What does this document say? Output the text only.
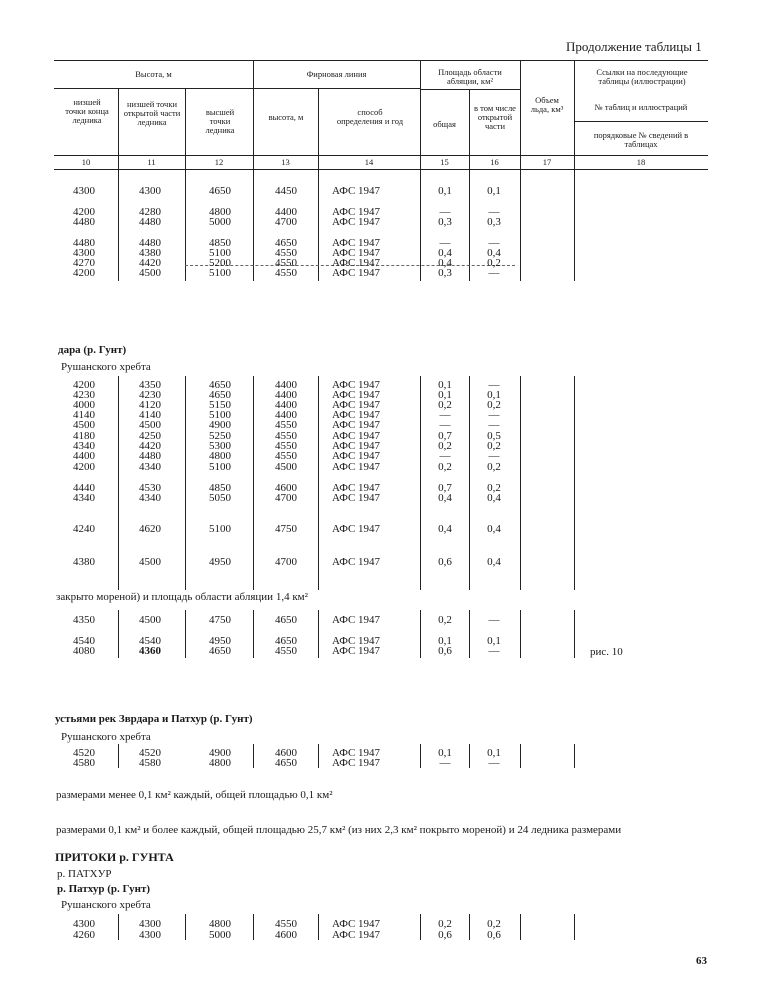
Продолжение таблицы 1
Высота, м	Фирновая линия	Площадь области абляции, км²
Объем льда, км³
Ссылки на последующие таблицы (иллюстрации)
низшей точки конца ледника
низшей точки открытой части ледника
высшей точки ледника
высота, м	способ определения и год	общая
в том числе открытой части
№ таблиц и иллюстраций
порядковые № сведений в таблицах
10	11	12	13	14	15	16	17	18
4300	4300	4650	4450	АФС 1947	0,1	0,1
4200	4280	4800	4400	АФС 1947	—	—
4480	4480	5000	4700	АФС 1947	0,3	0,3
4480	4480	4850	4650	АФС 1947	—	—
4300	4380	5100	4550	АФС 1947	0,4	0,4
4270	4420	5200	4550	АФС 1947	0,4	0,2
4200	4500	5100	4550	АФС 1947	0,3	—
дара (р. Гунт)
Рушанского хребта
4200	4350	4650	4400	АФС 1947	0,1	—
4230	4230	4650	4400	АФС 1947	0,1	0,1
4000	4120	5150	4400	АФС 1947	0,2	0,2
4140	4140	5100	4400	АФС 1947	—	—
4500	4500	4900	4550	АФС 1947	—	—
4180	4250	5250	4550	АФС 1947	0,7	0,5
4340	4420	5300	4550	АФС 1947	0,2	0,2
4400	4480	4800	4550	АФС 1947	—	—
4200	4340	5100	4500	АФС 1947	0,2	0,2
4440	4530	4850	4600	АФС 1947	0,7	0,2
4340	4340	5050	4700	АФС 1947	0,4	0,4
4240	4620	5100	4750	АФС 1947	0,4	0,4
4380	4500	4950	4700	АФС 1947	0,6	0,4
закрыто мореной) и площадь области абляции 1,4 км²
4350	4500	4750	4650	АФС 1947	0,2	—
4540	4540	4950	4650	АФС 1947	0,1	0,1
4080	4360	4650	4550	АФС 1947	0,6	—	рис. 10
устьями рек Зврдара и Патхур (р. Гунт)
Рушанского хребта
4520	4520	4900	4600	АФС 1947	0,1	0,1
4580	4580	4800	4650	АФС 1947	—	—
размерами менее 0,1 км² каждый, общей площадью 0,1 км²
размерами 0,1 км² и более каждый, общей площадью 25,7 км² (из них 2,3 км² покрыто мореной) и 24 ледника размерами
ПРИТОКИ р. ГУНТА
р. ПАТХУР
р. Патхур (р. Гунт)
Рушанского хребта
4300	4300	4800	4550	АФС 1947	0,2	0,2
4260	4300	5000	4600	АФС 1947	0,6	0,6
63
